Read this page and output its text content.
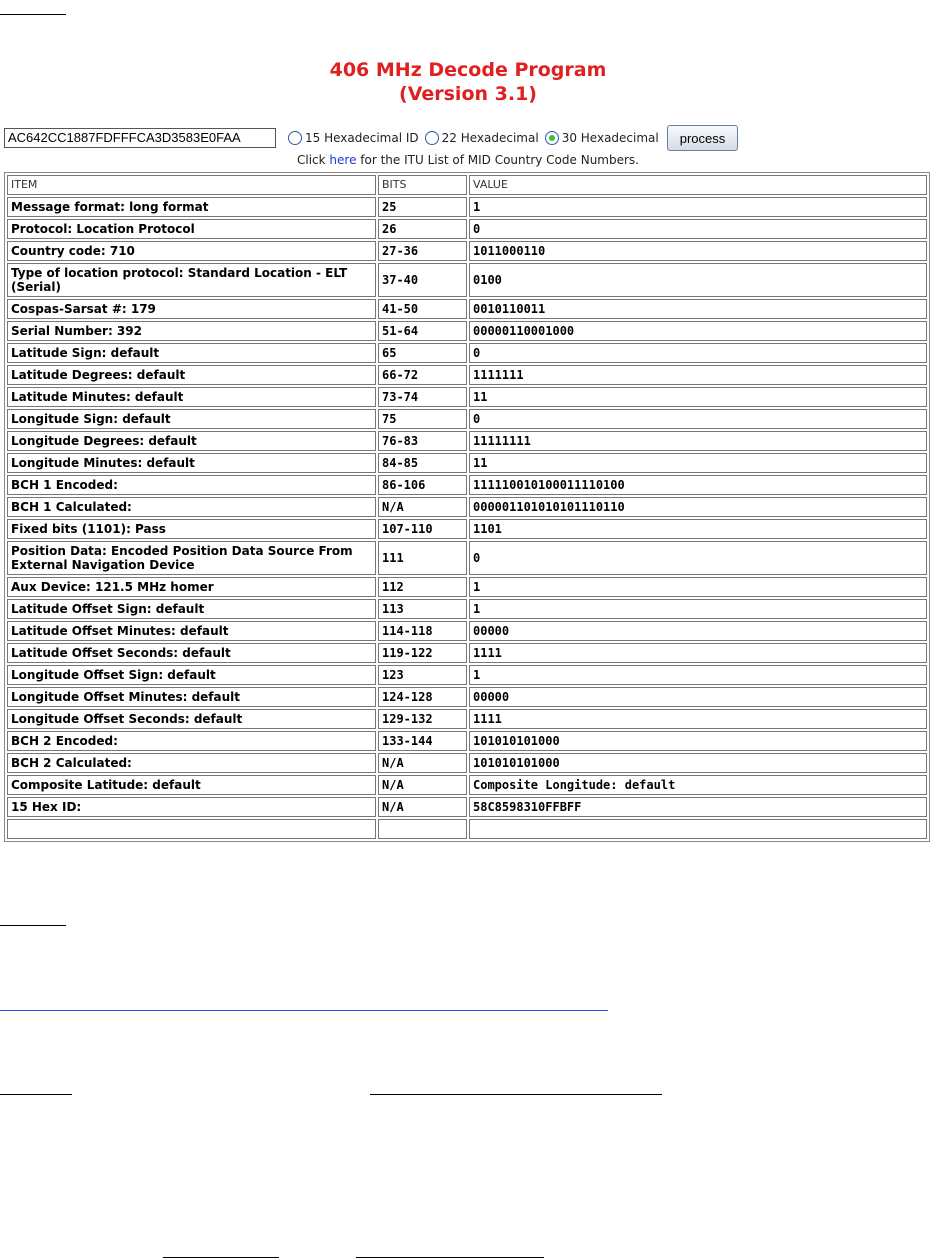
406 MHz Decode Program
(Version 3.1)
AC642CC1887FDFFFCA3D3583E0FAA	15 Hexadecimal ID 22 Hexadecimal 30 Hexadecimal	process
Click here for the ITU List of MID Country Code Numbers.
ITEM	BITS	VALUE
Message format: long format	25	1
Protocol: Location Protocol	26	0
Country code: 710	27-36	1011000110
Type of location protocol: Standard Location - ELT (Serial)	37-40	0100
Cospas-Sarsat #: 179	41-50	0010110011
Serial Number: 392	51-64	00000110001000
Latitude Sign: default	65	0
Latitude Degrees: default	66-72	1111111
Latitude Minutes: default	73-74	11
Longitude Sign: default	75	0
Longitude Degrees: default	76-83	11111111
Longitude Minutes: default	84-85	11
BCH 1 Encoded:	86-106	111110010100011110100
BCH 1 Calculated:	N/A	000001101010101110110
Fixed bits (1101): Pass	107-110	1101
Position Data: Encoded Position Data Source From External Navigation Device	111	0
Aux Device: 121.5 MHz homer	112	1
Latitude Offset Sign: default	113	1
Latitude Offset Minutes: default	114-118	00000
Latitude Offset Seconds: default	119-122	1111
Longitude Offset Sign: default	123	1
Longitude Offset Minutes: default	124-128	00000
Longitude Offset Seconds: default	129-132	1111
BCH 2 Encoded:	133-144	101010101000
BCH 2 Calculated:	N/A	101010101000
Composite Latitude: default	N/A	Composite Longitude: default
15 Hex ID:	N/A	58C8598310FFBFF
